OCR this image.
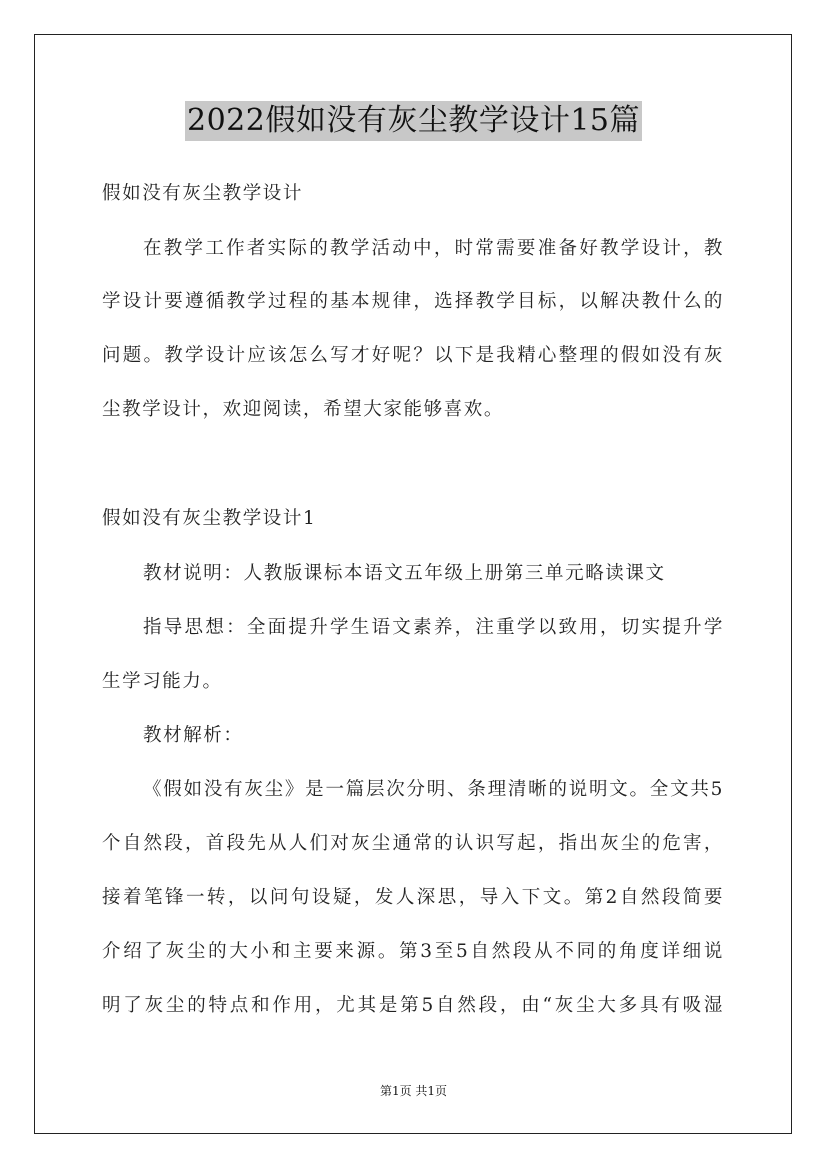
2022假如没有灰尘教学设计15篇
假如没有灰尘教学设计
在教学工作者实际的教学活动中，时常需要准备好教学设计，教
学设计要遵循教学过程的基本规律，选择教学目标，以解决教什么的
问题。教学设计应该怎么写才好呢？以下是我精心整理的假如没有灰
尘教学设计，欢迎阅读，希望大家能够喜欢。
假如没有灰尘教学设计1
教材说明：人教版课标本语文五年级上册第三单元略读课文
指导思想：全面提升学生语文素养，注重学以致用，切实提升学
生学习能力。
教材解析：
《假如没有灰尘》是一篇层次分明、条理清晰的说明文。全文共5
个自然段，首段先从人们对灰尘通常的认识写起，指出灰尘的危害，
接着笔锋一转，以问句设疑，发人深思，导入下文。第2自然段简要
介绍了灰尘的大小和主要来源。第3至5自然段从不同的角度详细说
明了灰尘的特点和作用，尤其是第5自然段，由“灰尘大多具有吸湿
第1页 共1页
